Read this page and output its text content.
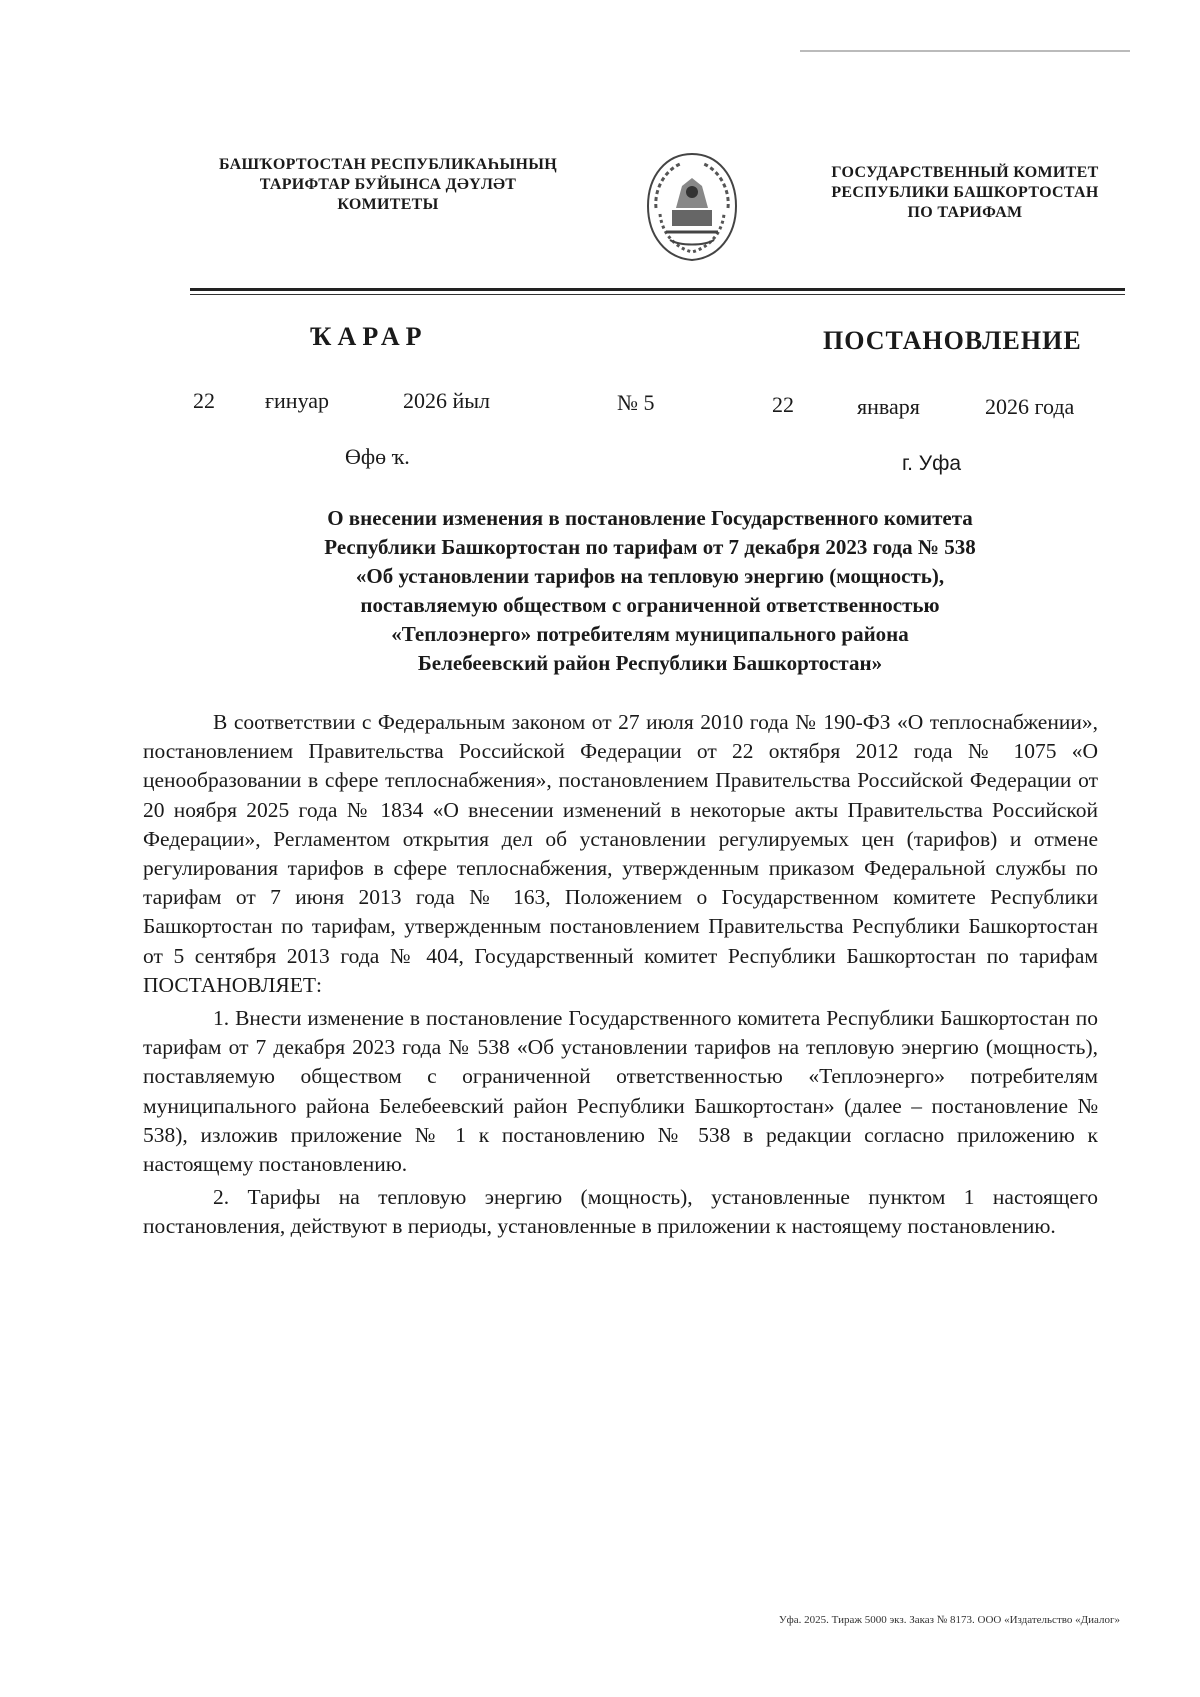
БАШҠОРТОСТАН РЕСПУБЛИКАҺЫНЫҢ
ТАРИФТАР БУЙЫНСА ДӘҮЛӘТ
КОМИТЕТЫ
ГОСУДАРСТВЕННЫЙ КОМИТЕТ
РЕСПУБЛИКИ БАШКОРТОСТАН
ПО ТАРИФАМ
ҠАРАР	ПОСТАНОВЛЕНИЕ
22 ғинуар	2026 йыл	№ 5	22	января	2026 года
Өфө ҡ.	г. Уфа
О внесении изменения в постановление Государственного комитета
Республики Башкортостан по тарифам от 7 декабря 2023 года № 538
«Об установлении тарифов на тепловую энергию (мощность),
поставляемую обществом с ограниченной ответственностью
«Теплоэнерго» потребителям муниципального района
Белебеевский район Республики Башкортостан»

В соответствии с Федеральным законом от 27 июля 2010 года № 190-ФЗ «О теплоснабжении», постановлением Правительства Российской Федерации от 22 октября 2012 года № 1075 «О ценообразовании в сфере теплоснабжения», постановлением Правительства Российской Федерации от 20 ноября 2025 года № 1834 «О внесении изменений в некоторые акты Правительства Российской Федерации», Регламентом открытия дел об установлении регулируемых цен (тарифов) и отмене регулирования тарифов в сфере теплоснабжения, утвержденным приказом Федеральной службы по тарифам от 7 июня 2013 года № 163, Положением о Государственном комитете Республики Башкортостан по тарифам, утвержденным постановлением Правительства Республики Башкортостан от 5 сентября 2013 года № 404, Государственный комитет Республики Башкортостан по тарифам ПОСТАНОВЛЯЕТ:

1. Внести изменение в постановление Государственного комитета Республики Башкортостан по тарифам от 7 декабря 2023 года № 538 «Об установлении тарифов на тепловую энергию (мощность), поставляемую обществом с ограниченной ответственностью «Теплоэнерго» потребителям муниципального района Белебеевский район Республики Башкортостан» (далее – постановление № 538), изложив приложение № 1 к постановлению № 538 в редакции согласно приложению к настоящему постановлению.

2. Тарифы на тепловую энергию (мощность), установленные пунктом 1 настоящего постановления, действуют в периоды, установленные в приложении к настоящему постановлению.

Уфа. 2025. Тираж 5000 экз. Заказ № 8173. ООО «Издательство «Диалог»
